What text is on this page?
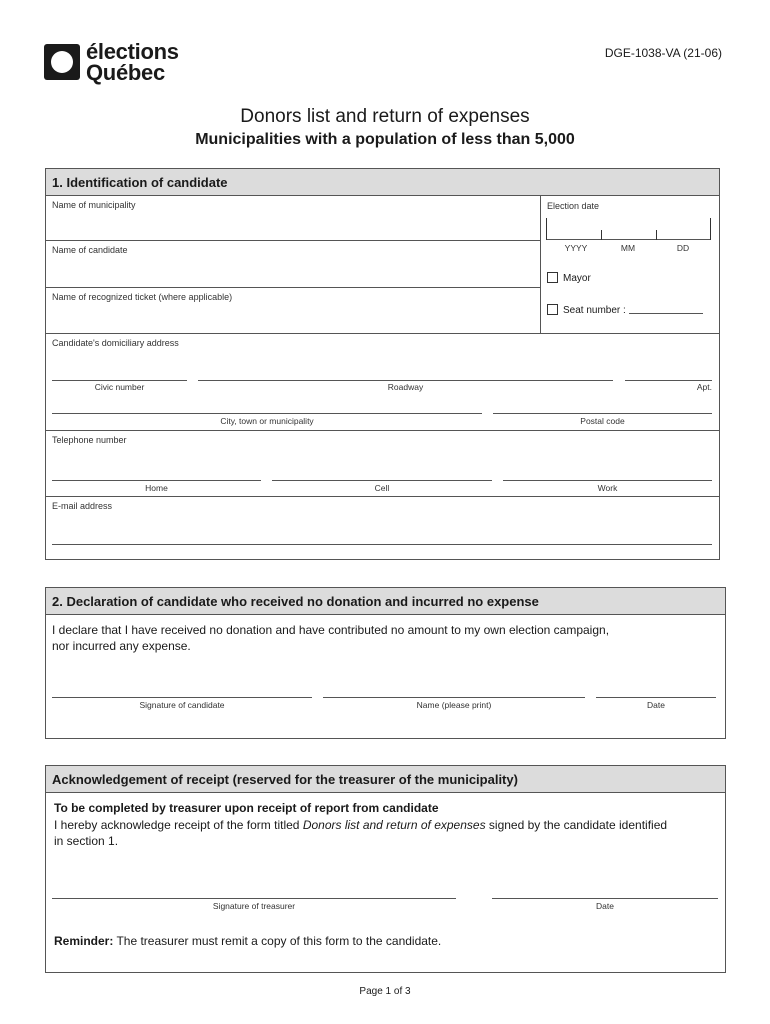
élections
Québec
DGE-1038-VA (21-06)
Donors list and return of expenses
Municipalities with a population of less than 5,000
1. Identification of candidate
Name of municipality	Election date
YYYY	MM	DD
Name of candidate
Mayor
Seat number :
Name of recognized ticket (where applicable)
Candidate's domiciliary address
Civic number	Roadway	Apt.
City, town or municipality	Postal code
Telephone number
Home	Cell	Work
E-mail address
2. Declaration of candidate who received no donation and incurred no expense
I declare that I have received no donation and have contributed no amount to my own election campaign,
nor incurred any expense.
Signature of candidate	Name (please print)	Date
Acknowledgement of receipt (reserved for the treasurer of the municipality)
To be completed by treasurer upon receipt of report from candidate
I hereby acknowledge receipt of the form titled Donors list and return of expenses signed by the candidate identified
in section 1.
Signature of treasurer	Date
Reminder: The treasurer must remit a copy of this form to the candidate.
Page 1 of 3
